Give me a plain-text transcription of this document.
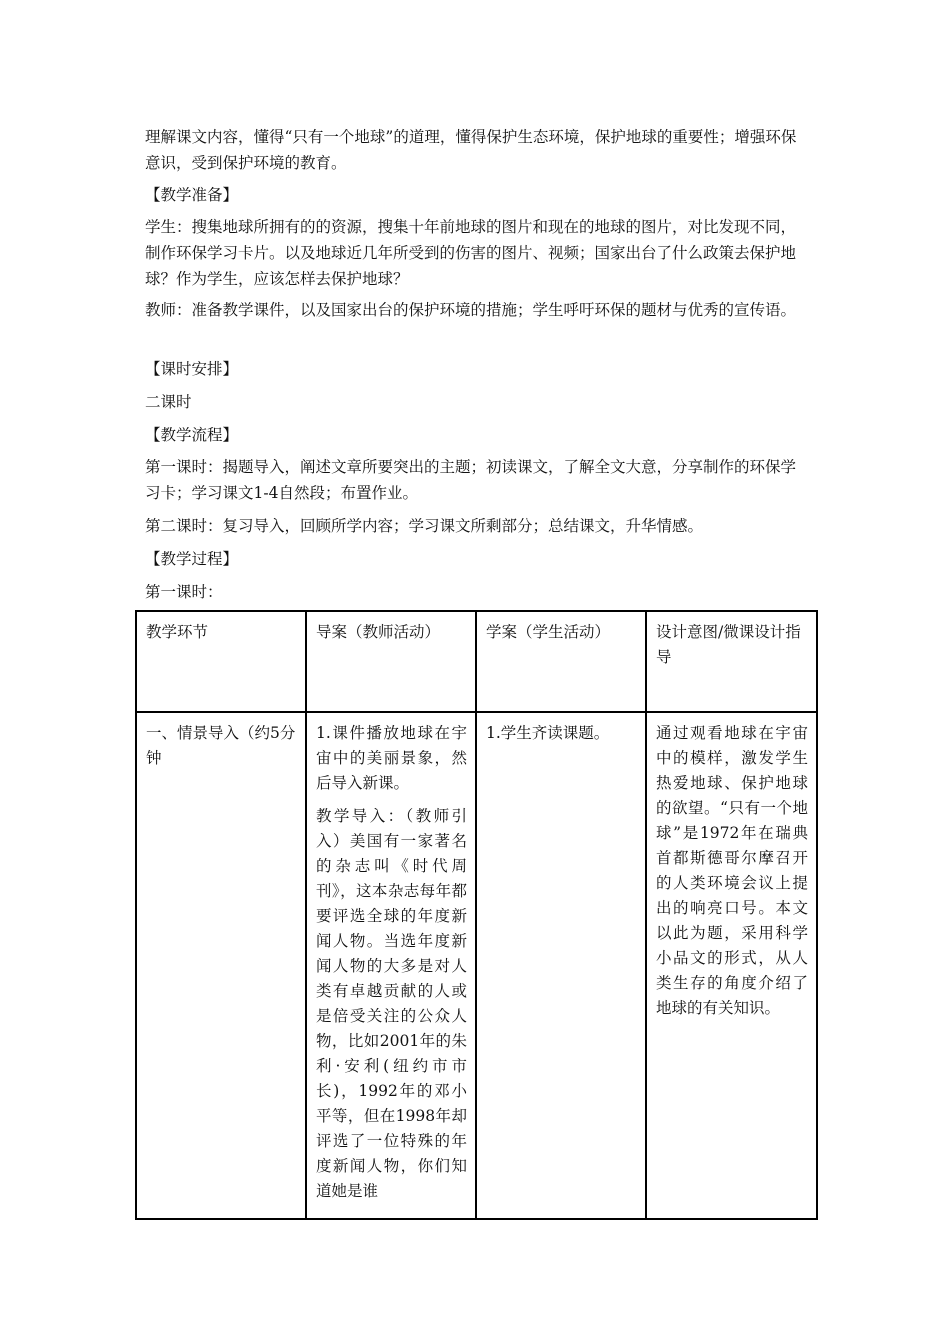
理解课文内容，懂得“只有一个地球”的道理，懂得保护生态环境，保护地球的重要性；增强环保意识，受到保护环境的教育。

【教学准备】

学生：搜集地球所拥有的的资源，搜集十年前地球的图片和现在的地球的图片，对比发现不同，制作环保学习卡片。以及地球近几年所受到的伤害的图片、视频；国家出台了什么政策去保护地球？作为学生，应该怎样去保护地球？

教师：准备教学课件，以及国家出台的保护环境的措施；学生呼吁环保的题材与优秀的宣传语。

【课时安排】

二课时

【教学流程】

第一课时：揭题导入，阐述文章所要突出的主题；初读课文，了解全文大意，分享制作的环保学习卡；学习课文1-4自然段；布置作业。

第二课时：复习导入，回顾所学内容；学习课文所剩部分；总结课文，升华情感。

【教学过程】

第一课时：

教学环节	导案（教师活动）	学案（学生活动）	设计意图/微课设计指导
一、情景导入（约5分钟	1.课件播放地球在宇宙中的美丽景象，然后导入新课。

教学导入：（教师引入）美国有一家著名的杂志叫《时代周刊》，这本杂志每年都要评选全球的年度新闻人物。当选年度新闻人物的大多是对人类有卓越贡献的人或是倍受关注的公众人物，比如2001年的朱利·安利(纽约市市长)，1992年的邓小平等，但在1998年却评选了一位特殊的年度新闻人物，你们知道她是谁	1.学生齐读课题。	通过观看地球在宇宙中的模样，激发学生热爱地球、保护地球的欲望。“只有一个地球”是1972年在瑞典首都斯德哥尔摩召开的人类环境会议上提出的响亮口号。本文以此为题，采用科学小品文的形式，从人类生存的角度介绍了地球的有关知识。
